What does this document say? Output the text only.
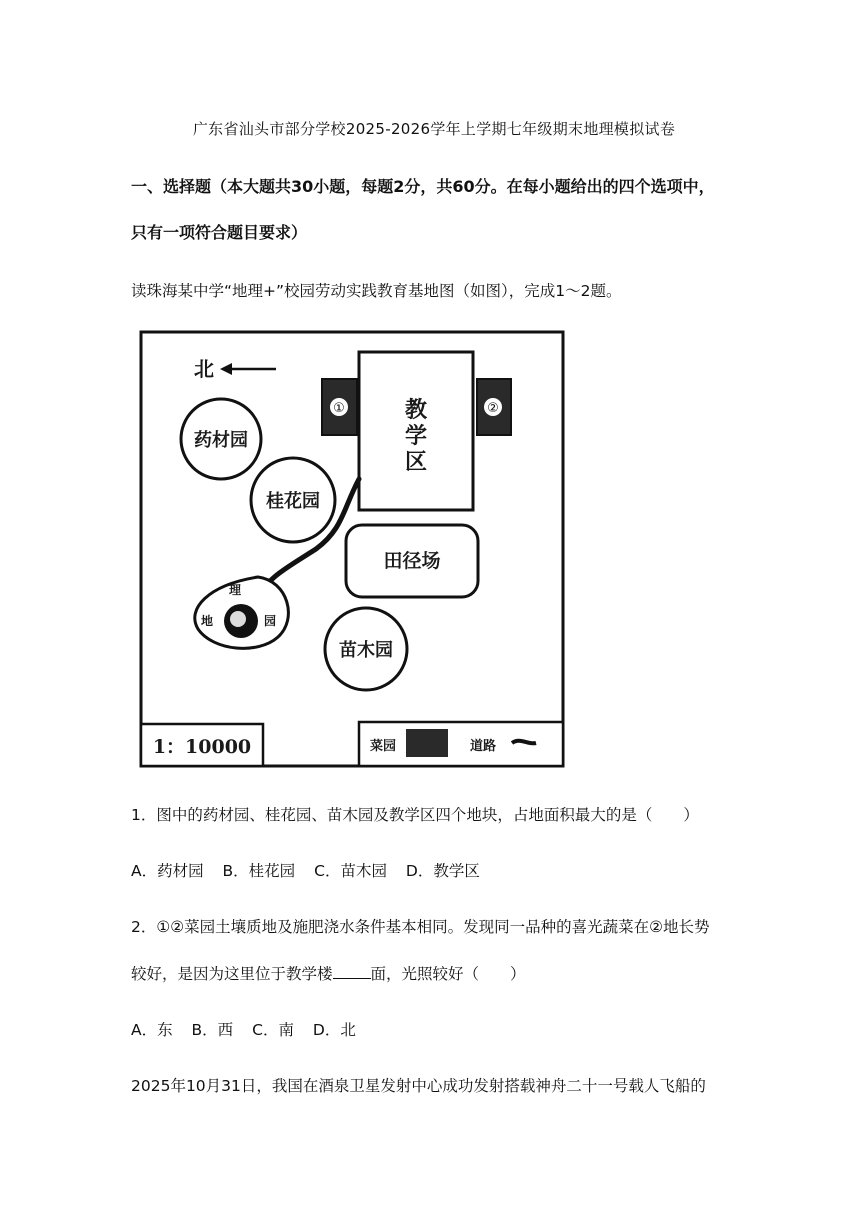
广东省汕头市部分学校2025-2026学年上学期七年级期末地理模拟试卷
一、选择题（本大题共30小题，每题2分，共60分。在每小题给出的四个选项中，
只有一项符合题目要求）
读珠海某中学“地理+”校园劳动实践教育基地图（如图），完成1～2题。
北
教
学
区
①	②
药材园
桂花园
田径场
理
地	园
苗木园
1：10000	菜园	道路
1．图中的药材园、桂花园、苗木园及教学区四个地块，占地面积最大的是（　　）
A．药材园 B．桂花园 C．苗木园 D．教学区
2．①②菜园土壤质地及施肥浇水条件基本相同。发现同一品种的喜光蔬菜在②地长势
较好，是因为这里位于教学楼 面，光照较好（　　）
A．东 B．西 C．南 D．北
2025年10月31日，我国在酒泉卫星发射中心成功发射搭载神舟二十一号载人飞船的
